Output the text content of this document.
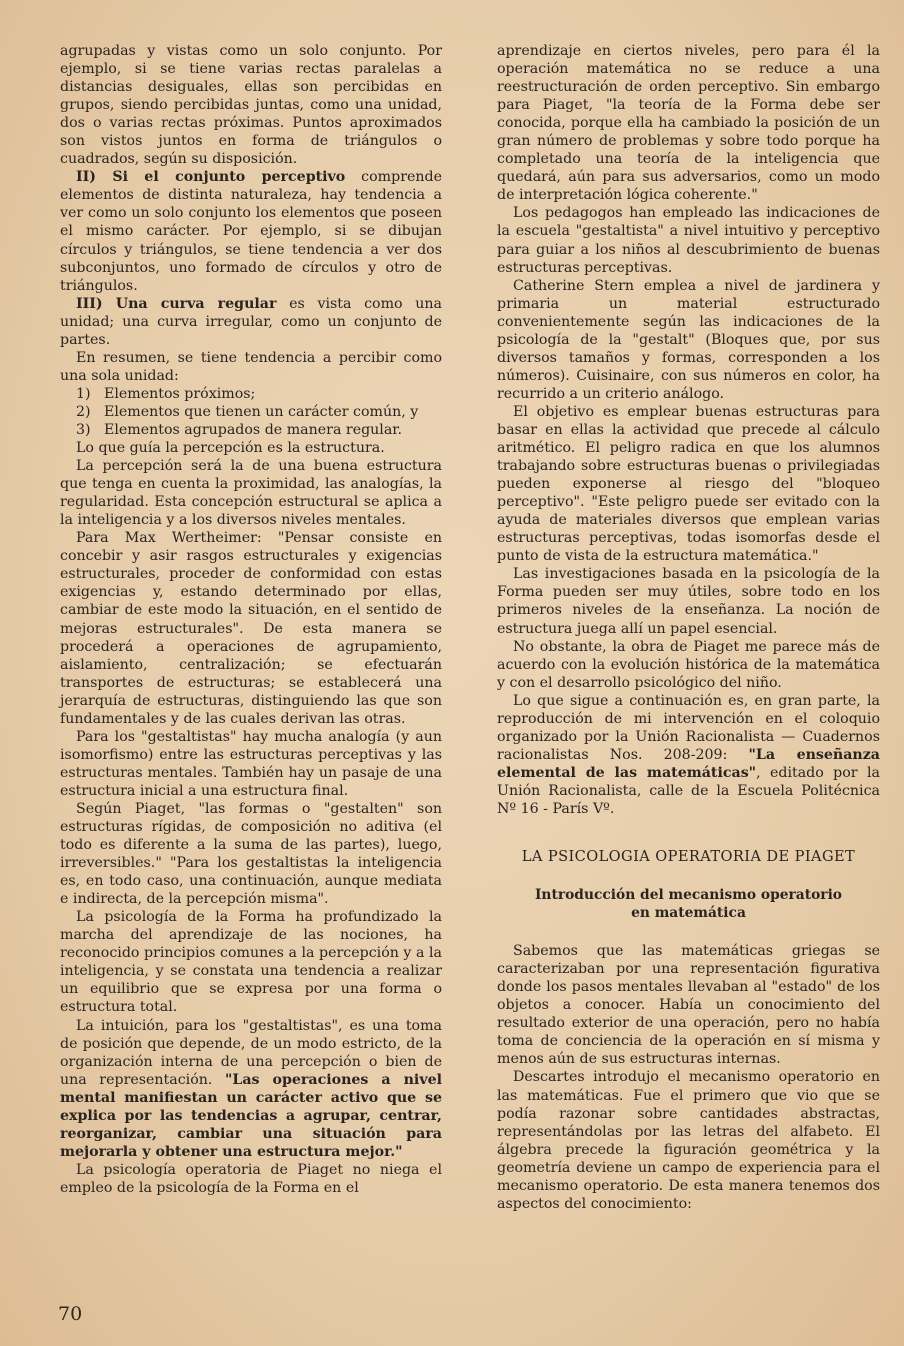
agrupadas y vistas como un solo conjunto. Por ejemplo, si se tiene varias rectas paralelas a distancias desiguales, ellas son percibidas en grupos, siendo percibidas juntas, como una unidad, dos o varias rectas próximas. Puntos aproximados son vistos juntos en forma de triángulos o cuadrados, según su disposición.

II) Si el conjunto perceptivo comprende elementos de distinta naturaleza, hay tendencia a ver como un solo conjunto los elementos que poseen el mismo carácter. Por ejemplo, si se dibujan círculos y triángulos, se tiene tendencia a ver dos subconjuntos, uno formado de círculos y otro de triángulos.

III) Una curva regular es vista como una unidad; una curva irregular, como un conjunto de partes.

En resumen, se tiene tendencia a percibir como una sola unidad:

1) Elementos próximos;

2) Elementos que tienen un carácter común, y

3) Elementos agrupados de manera regular.

Lo que guía la percepción es la estructura.

La percepción será la de una buena estructura que tenga en cuenta la proximidad, las analogías, la regularidad. Esta concepción estructural se aplica a la inteligencia y a los diversos niveles mentales.

Para Max Wertheimer: "Pensar consiste en concebir y asir rasgos estructurales y exigencias estructurales, proceder de conformidad con estas exigencias y, estando determinado por ellas, cambiar de este modo la situación, en el sentido de mejoras estructurales". De esta manera se procederá a operaciones de agrupamiento, aislamiento, centralización; se efectuarán transportes de estructuras; se establecerá una jerarquía de estructuras, distinguiendo las que son fundamentales y de las cuales derivan las otras.

Para los "gestaltistas" hay mucha analogía (y aun isomorfismo) entre las estructuras perceptivas y las estructuras mentales. También hay un pasaje de una estructura inicial a una estructura final.

Según Piaget, "las formas o "gestalten" son estructuras rígidas, de composición no aditiva (el todo es diferente a la suma de las partes), luego, irreversibles." "Para los gestaltistas la inteligencia es, en todo caso, una continuación, aunque mediata e indirecta, de la percepción misma".

La psicología de la Forma ha profundizado la marcha del aprendizaje de las nociones, ha reconocido principios comunes a la percepción y a la inteligencia, y se constata una tendencia a realizar un equilibrio que se expresa por una forma o estructura total.

La intuición, para los "gestaltistas", es una toma de posición que depende, de un modo estricto, de la organización interna de una percepción o bien de una representación. "Las operaciones a nivel mental manifiestan un carácter activo que se explica por las tendencias a agrupar, centrar, reorganizar, cambiar una situación para mejorarla y obtener una estructura mejor."

La psicología operatoria de Piaget no niega el empleo de la psicología de la Forma en el

aprendizaje en ciertos niveles, pero para él la operación matemática no se reduce a una reestructuración de orden perceptivo. Sin embargo para Piaget, "la teoría de la Forma debe ser conocida, porque ella ha cambiado la posición de un gran número de problemas y sobre todo porque ha completado una teoría de la inteligencia que quedará, aún para sus adversarios, como un modo de interpretación lógica coherente."

Los pedagogos han empleado las indicaciones de la escuela "gestaltista" a nivel intuitivo y perceptivo para guiar a los niños al descubrimiento de buenas estructuras perceptivas.

Catherine Stern emplea a nivel de jardinera y primaria un material estructurado convenientemente según las indicaciones de la psicología de la "gestalt" (Bloques que, por sus diversos tamaños y formas, corresponden a los números). Cuisinaire, con sus números en color, ha recurrido a un criterio análogo.

El objetivo es emplear buenas estructuras para basar en ellas la actividad que precede al cálculo aritmético. El peligro radica en que los alumnos trabajando sobre estructuras buenas o privilegiadas pueden exponerse al riesgo del "bloqueo perceptivo". "Este peligro puede ser evitado con la ayuda de materiales diversos que emplean varias estructuras perceptivas, todas isomorfas desde el punto de vista de la estructura matemática."

Las investigaciones basada en la psicología de la Forma pueden ser muy útiles, sobre todo en los primeros niveles de la enseñanza. La noción de estructura juega allí un papel esencial.

No obstante, la obra de Piaget me parece más de acuerdo con la evolución histórica de la matemática y con el desarrollo psicológico del niño.

Lo que sigue a continuación es, en gran parte, la reproducción de mi intervención en el coloquio organizado por la Unión Racionalista — Cuadernos racionalistas Nos. 208-209: "La enseñanza elemental de las matemáticas", editado por la Unión Racionalista, calle de la Escuela Politécnica Nº 16 - París Vº.

LA PSICOLOGIA OPERATORIA DE PIAGET

Introducción del mecanismo operatorio
en matemática

Sabemos que las matemáticas griegas se caracterizaban por una representación figurativa donde los pasos mentales llevaban al "estado" de los objetos a conocer. Había un conocimiento del resultado exterior de una operación, pero no había toma de conciencia de la operación en sí misma y menos aún de sus estructuras internas.

Descartes introdujo el mecanismo operatorio en las matemáticas. Fue el primero que vio que se podía razonar sobre cantidades abstractas, representándolas por las letras del alfabeto. El álgebra precede la figuración geométrica y la geometría deviene un campo de experiencia para el mecanismo operatorio. De esta manera tenemos dos aspectos del conocimiento:

70
